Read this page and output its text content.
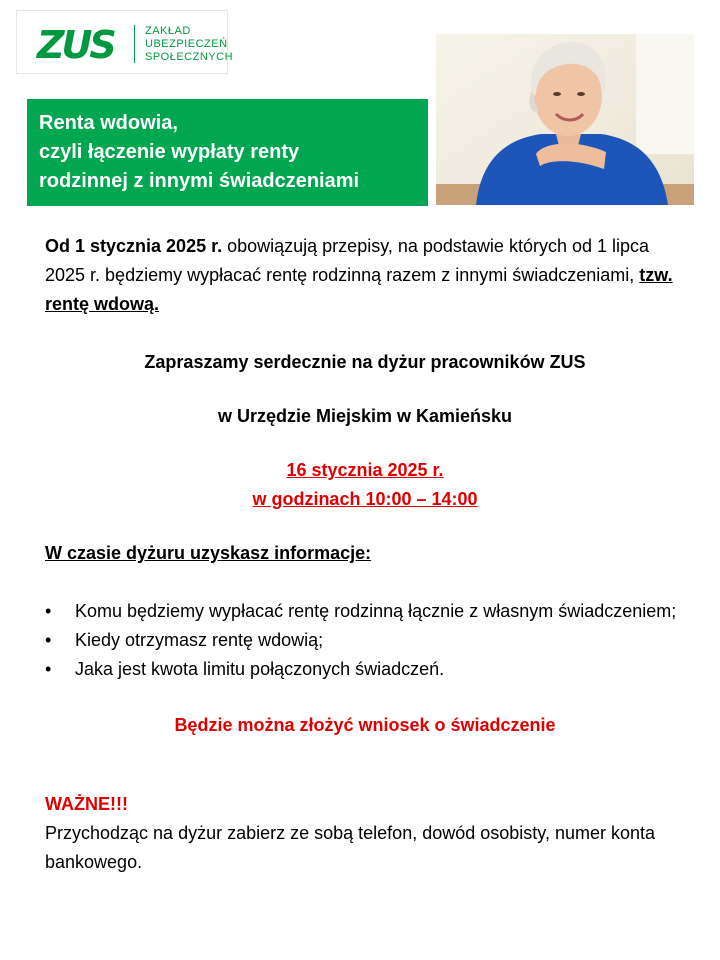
ZUS	ZAKŁAD
UBEZPIECZEŃ
SPOŁECZNYCH
Renta wdowia,
czyli łączenie wypłaty renty
rodzinnej z innymi świadczeniami

Od 1 stycznia 2025 r. obowiązują przepisy, na podstawie których od 1 lipca 2025 r. będziemy wypłacać rentę rodzinną razem z innymi świadczeniami, tzw. rentę wdową.

Zapraszamy serdecznie na dyżur pracowników ZUS

w Urzędzie Miejskim w Kamieńsku

16 stycznia 2025 r.

w godzinach 10:00 – 14:00

W czasie dyżuru uzyskasz informacje:

• Komu będziemy wypłacać rentę rodzinną łącznie z własnym świadczeniem;
• Kiedy otrzymasz rentę wdowią;
• Jaka jest kwota limitu połączonych świadczeń.

Będzie można złożyć wniosek o świadczenie

WAŻNE!!!

Przychodząc na dyżur zabierz ze sobą telefon, dowód osobisty, numer konta bankowego.
